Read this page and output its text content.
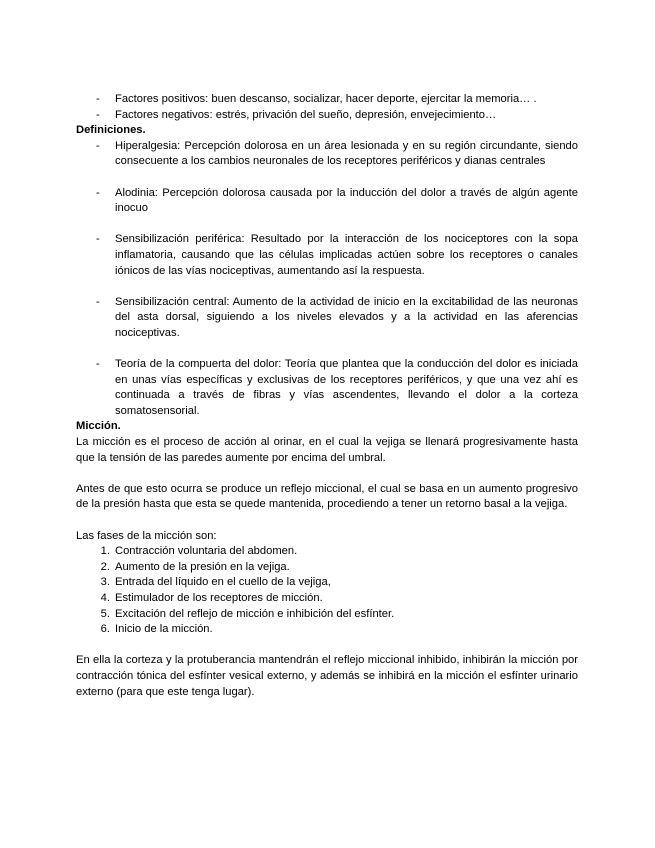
- Factores positivos: buen descanso, socializar, hacer deporte, ejercitar la memoria… .
- Factores negativos: estrés, privación del sueño, depresión, envejecimiento…
Definiciones.
- Hiperalgesia: Percepción dolorosa en un área lesionada y en su región circundante, siendo consecuente a los cambios neuronales de los receptores periféricos y dianas centrales
- Alodinia: Percepción dolorosa causada por la inducción del dolor a través de algún agente inocuo
- Sensibilización periférica: Resultado por la interacción de los nociceptores con la sopa inflamatoria, causando que las células implicadas actúen sobre los receptores o canales iónicos de las vías nociceptivas, aumentando así la respuesta.
- Sensibilización central: Aumento de la actividad de inicio en la excitabilidad de las neuronas del asta dorsal, siguiendo a los niveles elevados y a la actividad en las aferencias nociceptivas.
- Teoría de la compuerta del dolor: Teoría que plantea que la conducción del dolor es iniciada en unas vías específicas y exclusivas de los receptores periféricos, y que una vez ahí es continuada a través de fibras y vías ascendentes, llevando el dolor a la corteza somatosensorial.
Micción.

La micción es el proceso de acción al orinar, en el cual la vejiga se llenará progresivamente hasta que la tensión de las paredes aumente por encima del umbral.

Antes de que esto ocurra se produce un reflejo miccional, el cual se basa en un aumento progresivo de la presión hasta que esta se quede mantenida, procediendo a tener un retorno basal a la vejiga.

Las fases de la micción son:

1. Contracción voluntaria del abdomen.
2. Aumento de la presión en la vejiga.
3. Entrada del líquido en el cuello de la vejiga,
4. Estimulador de los receptores de micción.
5. Excitación del reflejo de micción e inhibición del esfínter.
6. Inicio de la micción.

En ella la corteza y la protuberancia mantendrán el reflejo miccional inhibido, inhibirán la micción por contracción tónica del esfínter vesical externo, y además se inhibirá en la micción el esfínter urinario externo (para que este tenga lugar).
